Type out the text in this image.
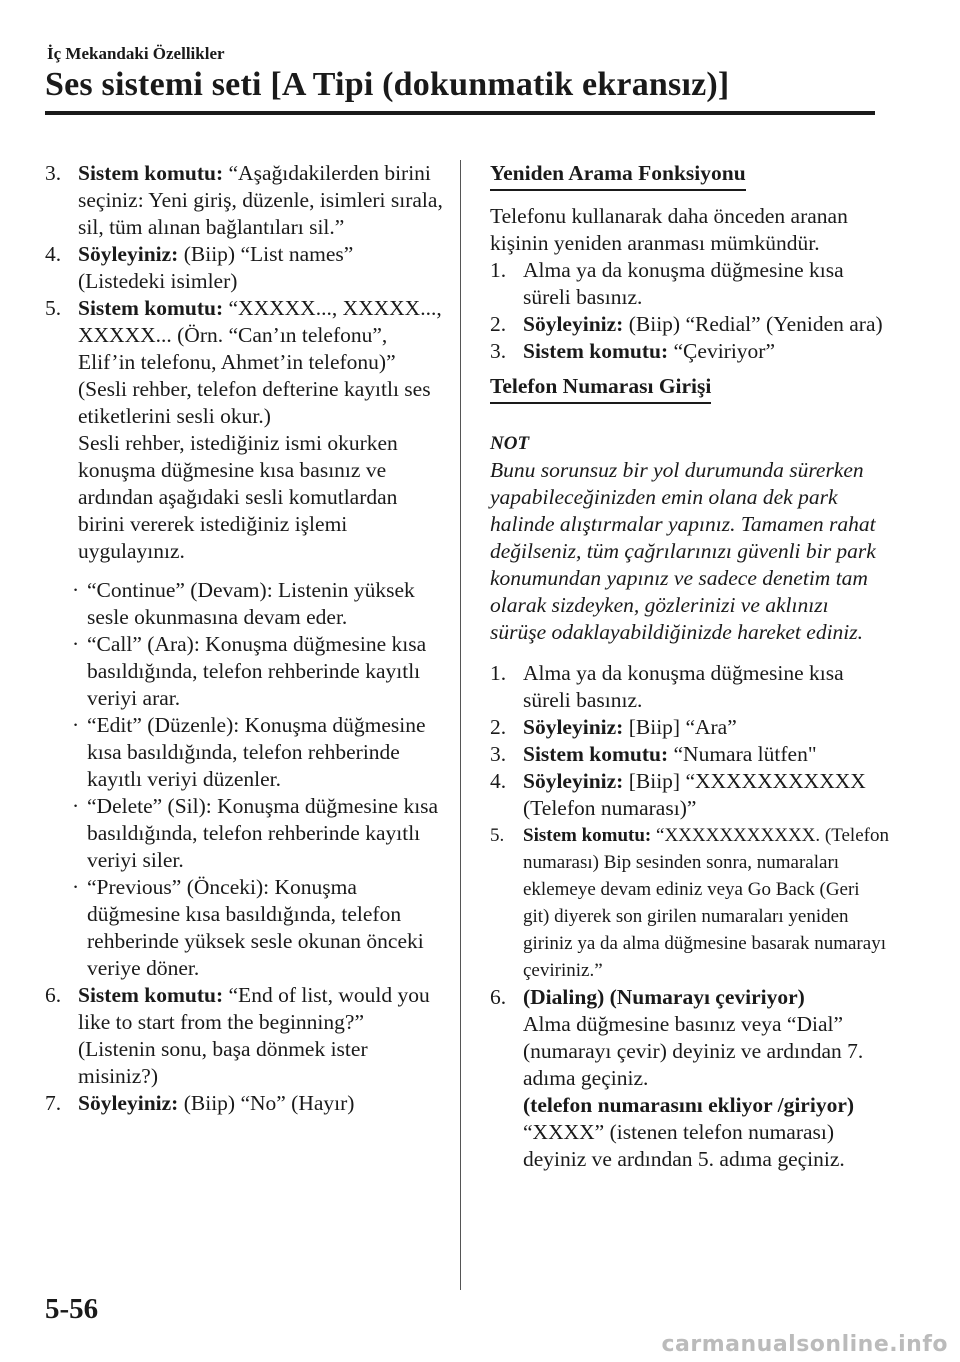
İç Mekandaki Özellikler
Ses sistemi seti [A Tipi (dokunmatik ekransız)]
3. Sistem komutu: “Aşağıdakilerden birini seçiniz: Yeni giriş, düzenle, isimleri sırala, sil, tüm alınan bağlantıları sil.”
4. Söyleyiniz: (Biip) “List names” (Listedeki isimler)
5. Sistem komutu: “XXXXX..., XXXXX..., XXXXX... (Örn. “Can’ın telefonu”, Elif’in telefonu, Ahmet’in telefonu)” (Sesli rehber, telefon defterine kayıtlı ses etiketlerini sesli okur.)
Sesli rehber, istediğiniz ismi okurken konuşma düğmesine kısa basınız ve ardından aşağıdaki sesli komutlardan birini vererek istediğiniz işlemi uygulayınız.
· “Continue” (Devam): Listenin yüksek sesle okunmasına devam eder.
· “Call” (Ara): Konuşma düğmesine kısa basıldığında, telefon rehberinde kayıtlı veriyi arar.
· “Edit” (Düzenle): Konuşma düğmesine kısa basıldığında, telefon rehberinde kayıtlı veriyi düzenler.
· “Delete” (Sil): Konuşma düğmesine kısa basıldığında, telefon rehberinde kayıtlı veriyi siler.
· “Previous” (Önceki): Konuşma düğmesine kısa basıldığında, telefon rehberinde yüksek sesle okunan önceki veriye döner.
6. Sistem komutu: “End of list, would you like to start from the beginning?” (Listenin sonu, başa dönmek ister misiniz?)
7. Söyleyiniz: (Biip) “No” (Hayır)
Yeniden Arama Fonksiyonu
Telefonu kullanarak daha önceden aranan kişinin yeniden aranması mümkündür.
1. Alma ya da konuşma düğmesine kısa süreli basınız.
2. Söyleyiniz: (Biip) “Redial” (Yeniden ara)
3. Sistem komutu: “Çeviriyor”
Telefon Numarası Girişi
NOT
Bunu sorunsuz bir yol durumunda sürerken yapabileceğinizden emin olana dek park halinde alıştırmalar yapınız. Tamamen rahat değilseniz, tüm çağrılarınızı güvenli bir park konumundan yapınız ve sadece denetim tam olarak sizdeyken, gözlerinizi ve aklınızı sürüşe odaklayabildiğinizde hareket ediniz.
1. Alma ya da konuşma düğmesine kısa süreli basınız.
2. Söyleyiniz: [Biip] “Ara”
3. Sistem komutu: “Numara lütfen"
4. Söyleyiniz: [Biip] “XXXXXXXXXXX (Telefon numarası)”
5. Sistem komutu: “XXXXXXXXXXX. (Telefon numarası) Bip sesinden sonra, numaraları eklemeye devam ediniz veya Go Back (Geri git) diyerek son girilen numaraları yeniden giriniz ya da alma düğmesine basarak numarayı çeviriniz.”
6. (Dialing) (Numarayı çeviriyor)
Alma düğmesine basınız veya “Dial” (numarayı çevir) deyiniz ve ardından 7. adıma geçiniz.
(telefon numarasını ekliyor /giriyor)
“XXXX” (istenen telefon numarası) deyiniz ve ardından 5. adıma geçiniz.
5-56
carmanualsonline.info
